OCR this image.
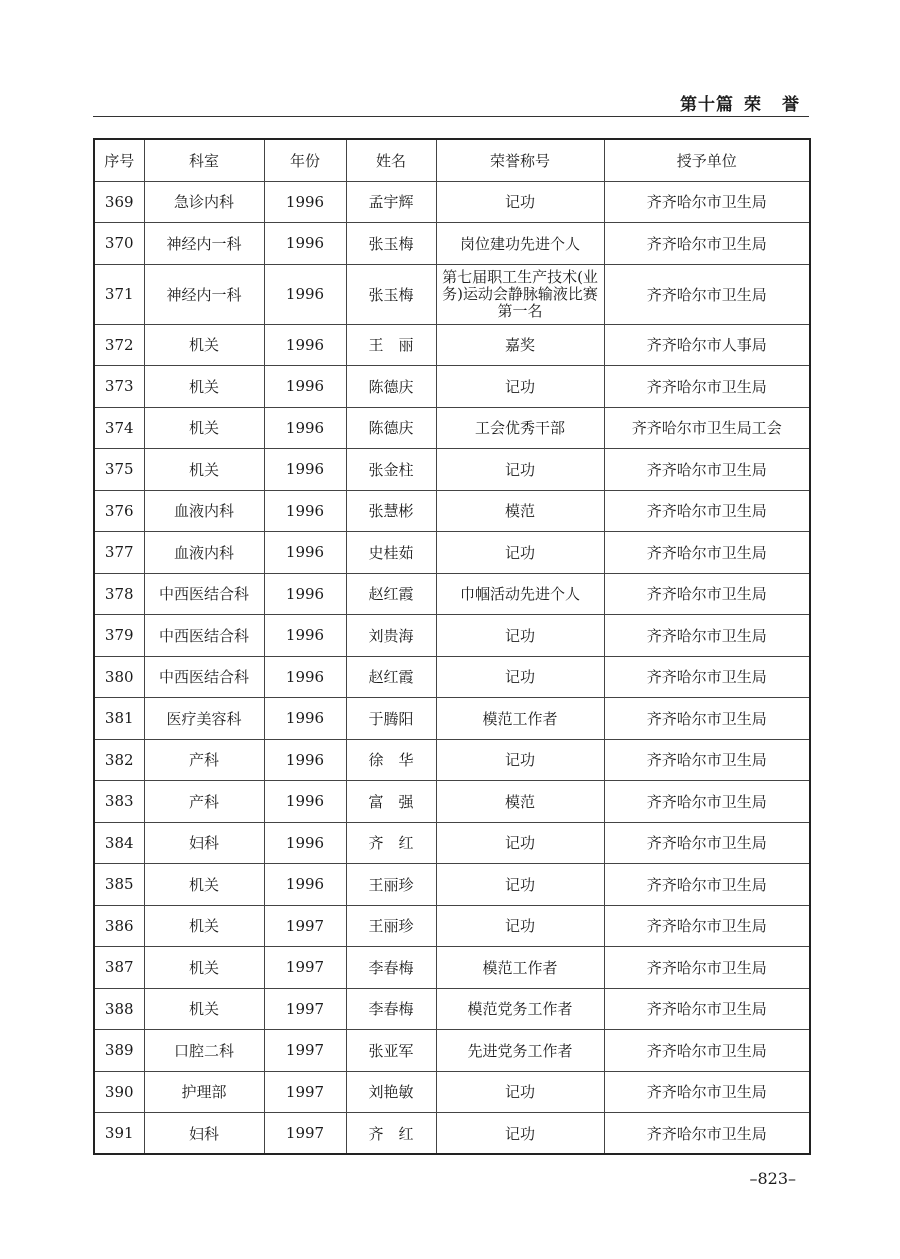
第十篇 荣 誉
序号	科室	年份	姓名	荣誉称号	授予单位
369	急诊内科	1996	孟宇辉	记功	齐齐哈尔市卫生局
370	神经内一科	1996	张玉梅	岗位建功先进个人	齐齐哈尔市卫生局
371	神经内一科	1996	张玉梅	第七届职工生产技术(业务)运动会静脉输液比赛第一名	齐齐哈尔市卫生局
372	机关	1996	王　丽	嘉奖	齐齐哈尔市人事局
373	机关	1996	陈德庆	记功	齐齐哈尔市卫生局
374	机关	1996	陈德庆	工会优秀干部	齐齐哈尔市卫生局工会
375	机关	1996	张金柱	记功	齐齐哈尔市卫生局
376	血液内科	1996	张慧彬	模范	齐齐哈尔市卫生局
377	血液内科	1996	史桂茹	记功	齐齐哈尔市卫生局
378	中西医结合科	1996	赵红霞	巾帼活动先进个人	齐齐哈尔市卫生局
379	中西医结合科	1996	刘贵海	记功	齐齐哈尔市卫生局
380	中西医结合科	1996	赵红霞	记功	齐齐哈尔市卫生局
381	医疗美容科	1996	于腾阳	模范工作者	齐齐哈尔市卫生局
382	产科	1996	徐　华	记功	齐齐哈尔市卫生局
383	产科	1996	富　强	模范	齐齐哈尔市卫生局
384	妇科	1996	齐　红	记功	齐齐哈尔市卫生局
385	机关	1996	王丽珍	记功	齐齐哈尔市卫生局
386	机关	1997	王丽珍	记功	齐齐哈尔市卫生局
387	机关	1997	李春梅	模范工作者	齐齐哈尔市卫生局
388	机关	1997	李春梅	模范党务工作者	齐齐哈尔市卫生局
389	口腔二科	1997	张亚军	先进党务工作者	齐齐哈尔市卫生局
390	护理部	1997	刘艳敏	记功	齐齐哈尔市卫生局
391	妇科	1997	齐　红	记功	齐齐哈尔市卫生局
–823–
